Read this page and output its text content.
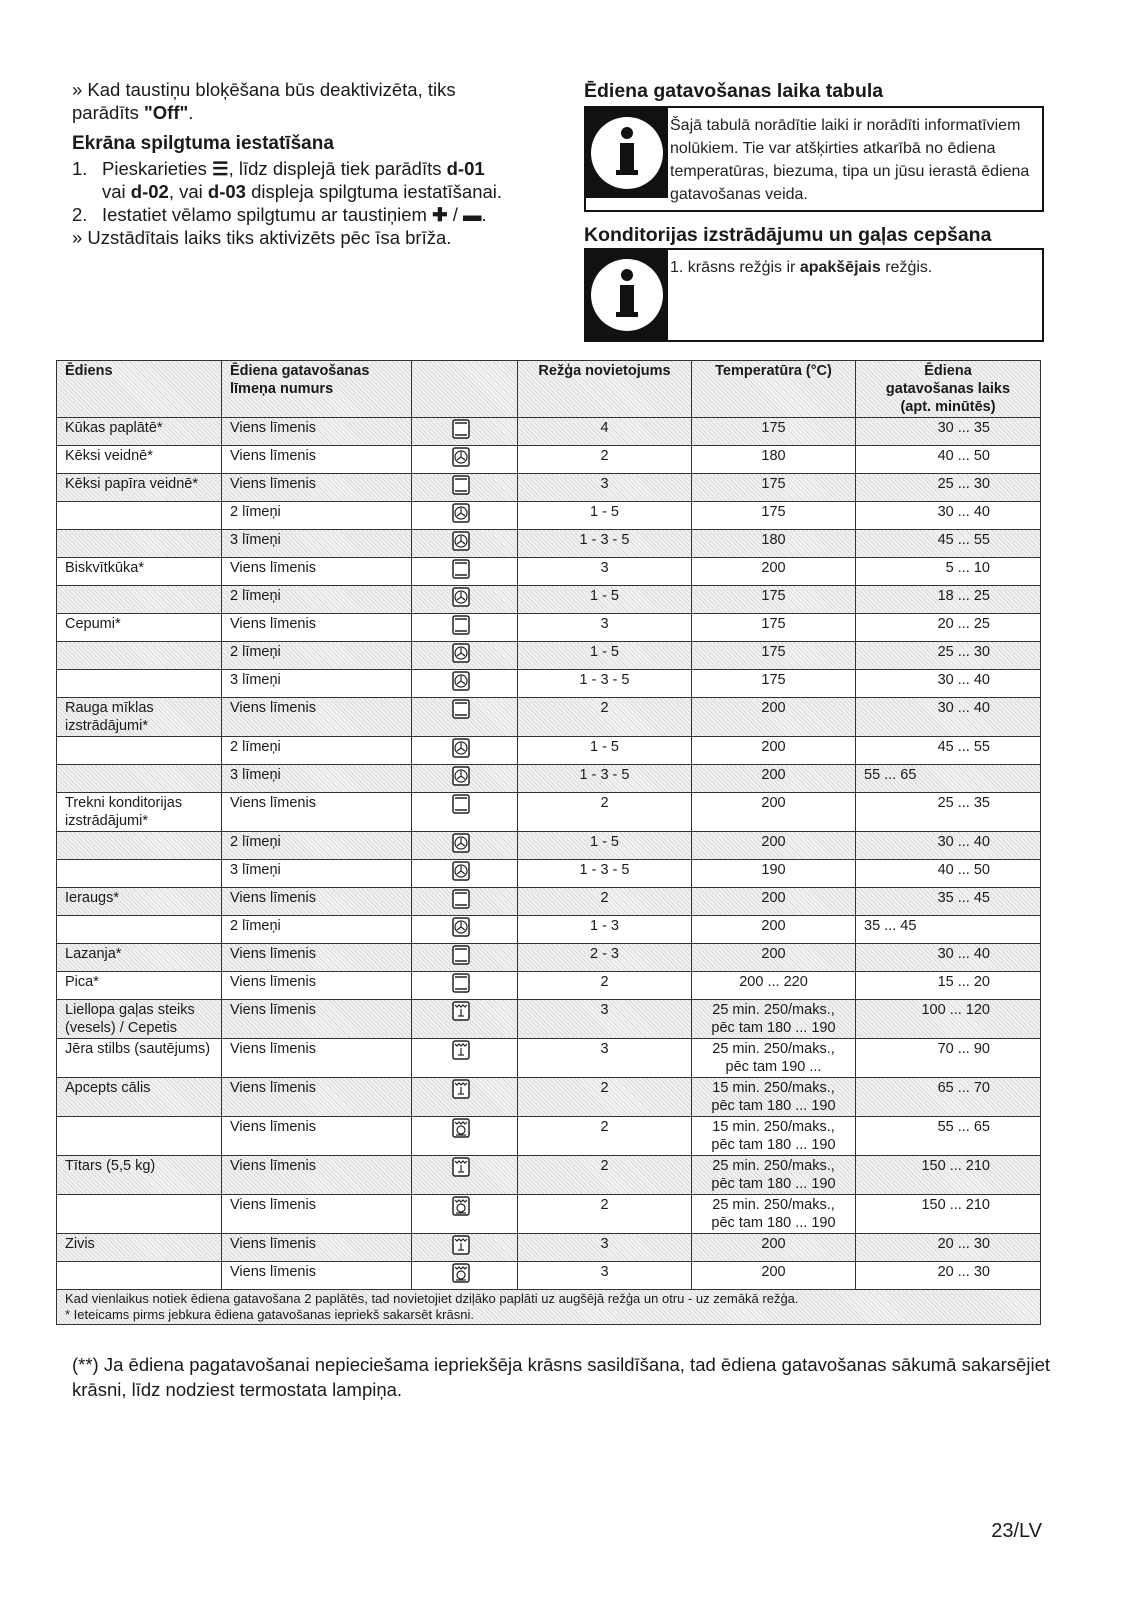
» Kad taustiņu bloķēšana būs deaktivizēta, tiks
parādīts "Off".

Ekrāna spilgtuma iestatīšana
1. Pieskarieties ☰, līdz displejā tiek parādīts d-01
vai d-02, vai d-03 displeja spilgtuma iestatīšanai.
2. Iestatiet vēlamo spilgtumu ar taustiņiem ✚ / ▬.

» Uzstādītais laiks tiks aktivizēts pēc īsa brīža.

Ēdiena gatavošanas laika tabula
Šajā tabulā norādītie laiki ir norādīti informatīviem nolūkiem. Tie var atšķirties atkarībā no ēdiena temperatūras, biezuma, tipa un jūsu ierastā ēdiena gatavošanas veida.
Konditorijas izstrādājumu un gaļas cepšana
1. krāsns režģis ir apakšējais režģis.
Ēdiens	Ēdiena gatavošanas
līmeņa numurs		Režģa novietojums	Temperatūra (°C)	Ēdiena
gatavošanas laiks
(apt. minūtēs)
Kūkas paplātē*	Viens līmenis		4	175	30 ... 35
Kēksi veidnē*	Viens līmenis		2	180	40 ... 50
Kēksi papīra veidnē*	Viens līmenis		3	175	25 ... 30
	2 līmeņi		1 - 5	175	30 ... 40
	3 līmeņi		1 - 3 - 5	180	45 ... 55
Biskvītkūka*	Viens līmenis		3	200	5 ... 10
	2 līmeņi		1 - 5	175	18 ... 25
Cepumi*	Viens līmenis		3	175	20 ... 25
	2 līmeņi		1 - 5	175	25 ... 30
	3 līmeņi		1 - 3 - 5	175	30 ... 40
Rauga mīklas izstrādājumi*	Viens līmenis		2	200	30 ... 40
	2 līmeņi		1 - 5	200	45 ... 55
	3 līmeņi		1 - 3 - 5	200	55 ... 65
Trekni konditorijas izstrādājumi*	Viens līmenis		2	200	25 ... 35
	2 līmeņi		1 - 5	200	30 ... 40
	3 līmeņi		1 - 3 - 5	190	40 ... 50
Ieraugs*	Viens līmenis		2	200	35 ... 45
	2 līmeņi		1 - 3	200	35 ... 45
Lazanja*	Viens līmenis		2 - 3	200	30 ... 40
Pica*	Viens līmenis		2	200 ... 220	15 ... 20
Liellopa gaļas steiks (vesels) / Cepetis	Viens līmenis		3	25 min. 250/maks., pēc tam 180 ... 190	100 ... 120
Jēra stilbs (sautējums)	Viens līmenis		3	25 min. 250/maks., pēc tam 190 ...	70 ... 90
Apcepts cālis	Viens līmenis		2	15 min. 250/maks., pēc tam 180 ... 190	65 ... 70
	Viens līmenis		2	15 min. 250/maks., pēc tam 180 ... 190	55 ... 65
Tītars (5,5 kg)	Viens līmenis		2	25 min. 250/maks., pēc tam 180 ... 190	150 ... 210
	Viens līmenis		2	25 min. 250/maks., pēc tam 180 ... 190	150 ... 210
Zivis	Viens līmenis		3	200	20 ... 30
	Viens līmenis		3	200	20 ... 30
Kad vienlaikus notiek ēdiena gatavošana 2 paplātēs, tad novietojiet dziļāko paplāti uz augšējā režģa un otru - uz zemākā režģa.
* Ieteicams pirms jebkura ēdiena gatavošanas iepriekš sakarsēt krāsni.					
(**) Ja ēdiena pagatavošanai nepieciešama iepriekšēja krāsns sasildīšana, tad ēdiena gatavošanas sākumā sakarsējiet krāsni, līdz nodziest termostata lampiņa.
23/LV
